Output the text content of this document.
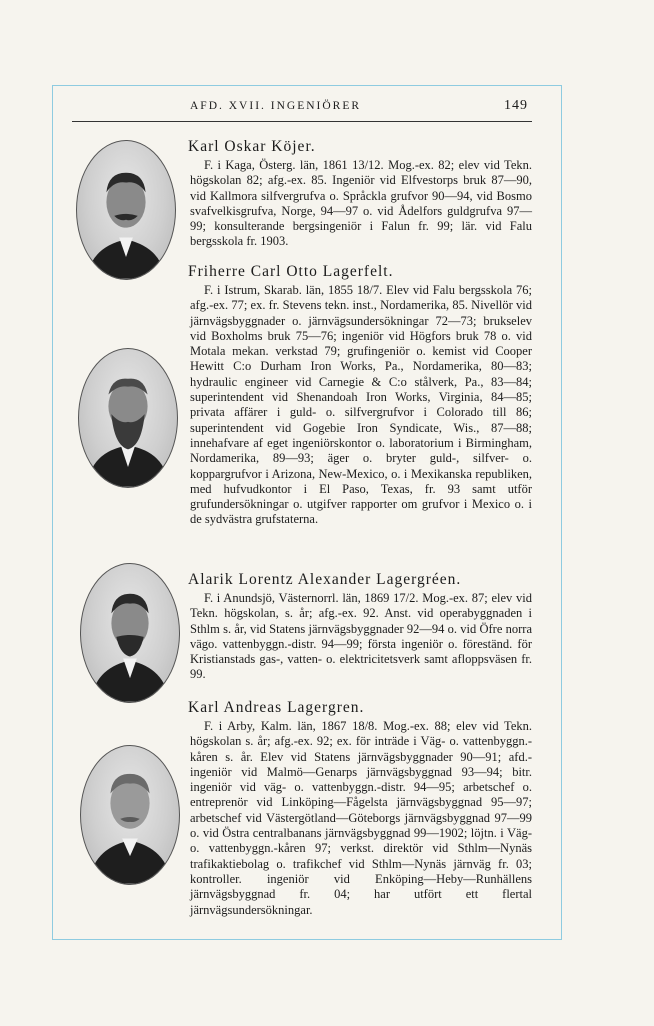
AFD. XVII. INGENIÖRER	149
Karl Oskar Köjer.
F. i Kaga, Österg. län, 1861 13/12. Mog.-ex. 82; elev vid Tekn. högskolan 82; afg.-ex. 85. Ingeniör vid Elfvestorps bruk 87—90, vid Kallmora silfvergrufva o. Språckla grufvor 90—94, vid Bosmo svafvelkisgrufva, Norge, 94—97 o. vid Ådelfors guldgrufva 97—99; konsulterande bergsingeniör i Falun fr. 99; lär. vid Falu bergsskola fr. 1903.
Friherre Carl Otto Lagerfelt.
F. i Istrum, Skarab. län, 1855 18/7. Elev vid Falu bergsskola 76; afg.-ex. 77; ex. fr. Stevens tekn. inst., Nordamerika, 85. Nivellör vid järnvägsbyggnader o. järnvägsundersökningar 72—73; brukselev vid Boxholms bruk 75—76; ingeniör vid Högfors bruk 78 o. vid Motala mekan. verkstad 79; grufingeniör o. kemist vid Cooper Hewitt C:o Durham Iron Works, Pa., Nordamerika, 80—83; hydraulic engineer vid Carnegie & C:o stålverk, Pa., 83—84; superintendent vid Shenandoah Iron Works, Virginia, 84—85; privata affärer i guld- o. silfvergrufvor i Colorado till 86; superintendent vid Gogebie Iron Syndicate, Wis., 87—88; innehafvare af eget ingeniörskontor o. laboratorium i Birmingham, Nordamerika, 89—93; äger o. bryter guld-, silfver- o. koppargrufvor i Arizona, New-Mexico, o. i Mexikanska republiken, med hufvudkontor i El Paso, Texas, fr. 93 samt utför grufundersökningar o. utgifver rapporter om grufvor i Mexico o. i de sydvästra grufstaterna.
Alarik Lorentz Alexander Lagergréen.
F. i Anundsjö, Västernorrl. län, 1869 17/2. Mog.-ex. 87; elev vid Tekn. högskolan, s. år; afg.-ex. 92. Anst. vid operabyggnaden i Sthlm s. år, vid Statens järnvägsbyggnader 92—94 o. vid Öfre norra vägo. vattenbyggn.-distr. 94—99; första ingeniör o. föreständ. för Kristianstads gas-, vatten- o. elektricitetsverk samt afloppsväsen fr. 99.
Karl Andreas Lagergren.
F. i Arby, Kalm. län, 1867 18/8. Mog.-ex. 88; elev vid Tekn. högskolan s. år; afg.-ex. 92; ex. för inträde i Väg- o. vattenbyggn.-kåren s. år. Elev vid Statens järnvägsbyggnader 90—91; afd.-ingeniör vid Malmö—Genarps järnvägsbyggnad 93—94; bitr. ingeniör vid väg- o. vattenbyggn.-distr. 94—95; arbetschef o. entreprenör vid Linköping—Fågelsta järnvägsbyggnad 95—97; arbetschef vid Västergötland—Göteborgs järnvägsbyggnad 97—99 o. vid Östra centralbanans järnvägsbyggnad 99—1902; löjtn. i Väg- o. vattenbyggn.-kåren 97; verkst. direktör vid Sthlm—Nynäs trafikaktiebolag o. trafikchef vid Sthlm—Nynäs järnväg fr. 03; kontroller. ingeniör vid Enköping—Heby—Runhällens järnvägsbyggnad fr. 04; har utfört ett flertal järnvägsundersökningar.
